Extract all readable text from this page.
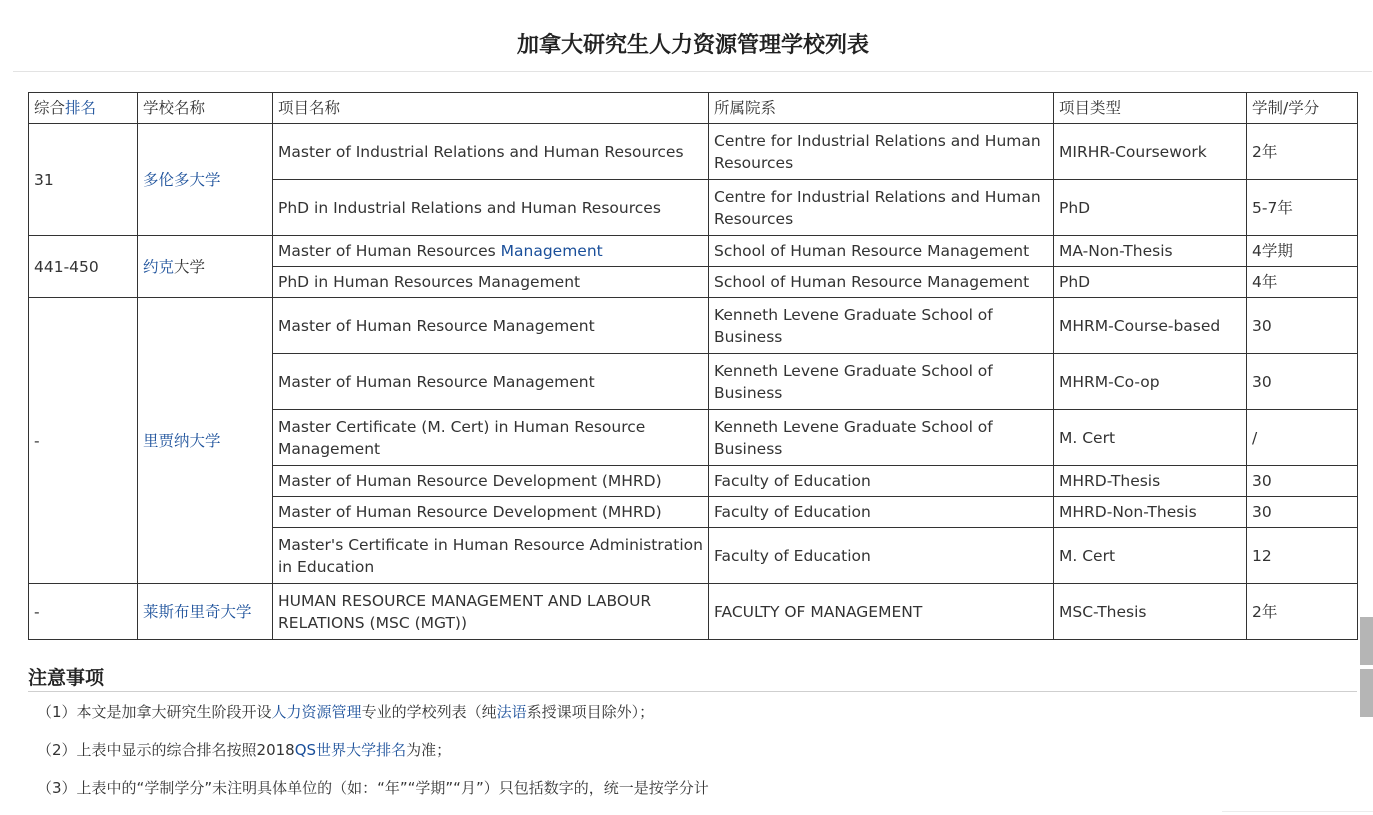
加拿大研究生人力资源管理学校列表
综合排名	学校名称	项目名称	所属院系	项目类型	学制/学分
31	多伦多大学	Master of Industrial Relations and Human Resources	Centre for Industrial Relations and Human Resources	MIRHR-Coursework	2年
		PhD in Industrial Relations and Human Resources	Centre for Industrial Relations and Human Resources	PhD	5-7年
441-450	约克大学	Master of Human Resources Management	School of Human Resource Management	MA-Non-Thesis	4学期
		PhD in Human Resources Management	School of Human Resource Management	PhD	4年
-	里贾纳大学	Master of Human Resource Management	Kenneth Levene Graduate School of Business	MHRM-Course-based	30
		Master of Human Resource Management	Kenneth Levene Graduate School of Business	MHRM-Co-op	30
		Master Certificate (M. Cert) in Human Resource Management	Kenneth Levene Graduate School of Business	M. Cert	/
		Master of Human Resource Development (MHRD)	Faculty of Education	MHRD-Thesis	30
		Master of Human Resource Development (MHRD)	Faculty of Education	MHRD-Non-Thesis	30
		Master's Certificate in Human Resource Administration in Education	Faculty of Education	M. Cert	12
-	莱斯布里奇大学	HUMAN RESOURCE MANAGEMENT AND LABOUR RELATIONS (MSC (MGT))	FACULTY OF MANAGEMENT	MSC-Thesis	2年
注意事项

（1）本文是加拿大研究生阶段开设人力资源管理专业的学校列表（纯法语系授课项目除外）；

（2）上表中显示的综合排名按照2018QS世界大学排名为准；

（3）上表中的“学制学分”未注明具体单位的（如：“年”“学期”“月”）只包括数字的，统一是按学分计
